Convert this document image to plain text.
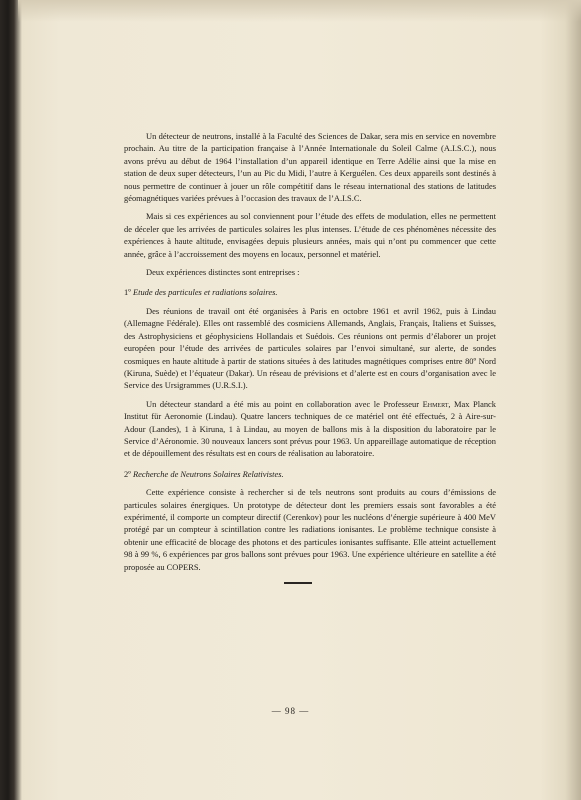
Un détecteur de neutrons, installé à la Faculté des Sciences de Dakar, sera mis en service en novembre prochain. Au titre de la participation française à l’Année Internationale du Soleil Calme (A.I.S.C.), nous avons prévu au début de 1964 l’installation d’un appareil identique en Terre Adélie ainsi que la mise en station de deux super détecteurs, l’un au Pic du Midi, l’autre à Kerguélen. Ces deux appareils sont destinés à nous permettre de continuer à jouer un rôle compétitif dans le réseau international des stations de latitudes géomagnétiques variées prévues à l’occasion des travaux de l’A.I.S.C.

Mais si ces expériences au sol conviennent pour l’étude des effets de modulation, elles ne permettent de déceler que les arrivées de particules solaires les plus intenses. L’étude de ces phénomènes nécessite des expériences à haute altitude, envisagées depuis plusieurs années, mais qui n’ont pu commencer que cette année, grâce à l’accroissement des moyens en locaux, personnel et matériel.

Deux expériences distinctes sont entreprises :

1º Etude des particules et radiations solaires.

Des réunions de travail ont été organisées à Paris en octobre 1961 et avril 1962, puis à Lindau (Allemagne Fédérale). Elles ont rassemblé des cosmiciens Allemands, Anglais, Français, Italiens et Suisses, des Astrophysiciens et géophysiciens Hollandais et Suédois. Ces réunions ont permis d’élaborer un projet européen pour l’étude des arrivées de particules solaires par l’envoi simultané, sur alerte, de sondes cosmiques en haute altitude à partir de stations situées à des latitudes magnétiques comprises entre 80º Nord (Kiruna, Suède) et l’équateur (Dakar). Un réseau de prévisions et d’alerte est en cours d’organisation avec le Service des Ursigrammes (U.R.S.I.).

Un détecteur standard a été mis au point en collaboration avec le Professeur Ehmert, Max Planck Institut für Aeronomie (Lindau). Quatre lancers techniques de ce matériel ont été effectués, 2 à Aire-sur-Adour (Landes), 1 à Kiruna, 1 à Lindau, au moyen de ballons mis à la disposition du laboratoire par le Service d’Aéronomie. 30 nouveaux lancers sont prévus pour 1963. Un appareillage automatique de réception et de dépouillement des résultats est en cours de réalisation au laboratoire.

2º Recherche de Neutrons Solaires Relativistes.

Cette expérience consiste à rechercher si de tels neutrons sont produits au cours d’émissions de particules solaires énergiques. Un prototype de détecteur dont les premiers essais sont favorables a été expérimenté, il comporte un compteur directif (Cerenkov) pour les nucléons d’énergie supérieure à 400 MeV protégé par un compteur à scintillation contre les radiations ionisantes. Le problème technique consiste à obtenir une efficacité de blocage des photons et des particules ionisantes suffisante. Elle atteint actuellement 98 à 99 %, 6 expériences par gros ballons sont prévues pour 1963. Une expérience ultérieure en satellite a été proposée au COPERS.

— 98 —
